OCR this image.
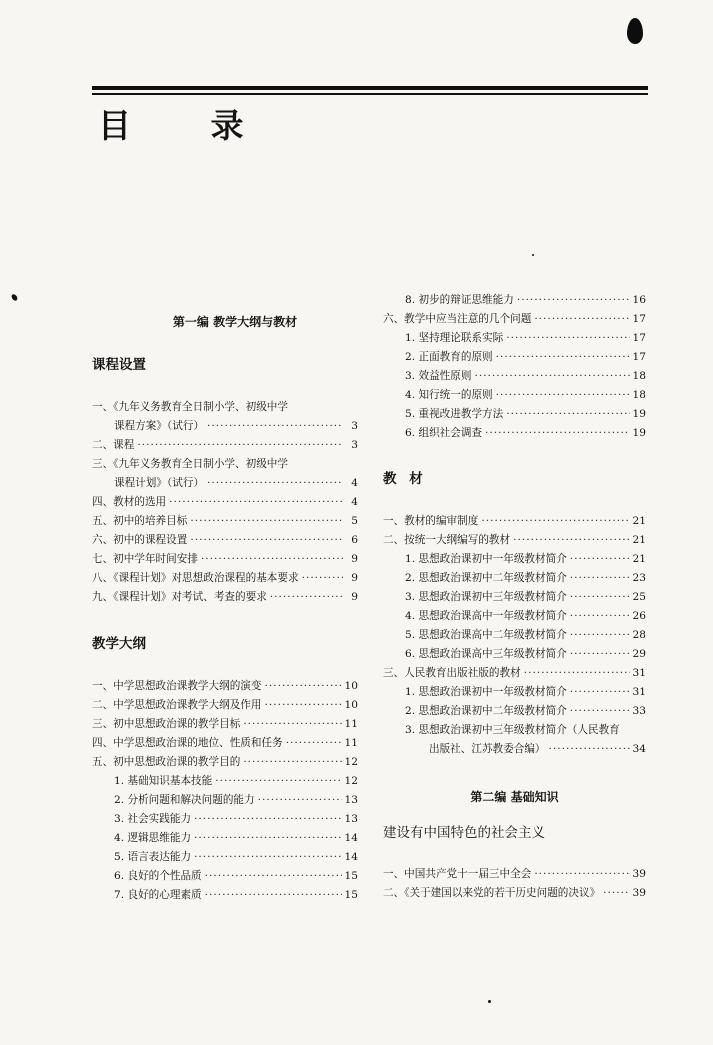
目 录
第一编 教学大纲与教材
课程设置
一、《九年义务教育全日制小学、初级中学
课程方案》（试行） ·····	3
二、课程 ·····	3
三、《九年义务教育全日制小学、初级中学
课程计划》（试行） ·····	4
四、教材的选用 ·····	4
五、初中的培养目标 ·····	5
六、初中的课程设置 ·····	6
七、初中学年时间安排 ·····	9
八、《课程计划》对思想政治课程的基本要求 ·····	9
九、《课程计划》对考试、考查的要求 ·····	9
教学大纲
一、中学思想政治课教学大纲的演变 ·····	10
二、中学思想政治课教学大纲及作用 ·····	10
三、初中思想政治课的教学目标 ·····	11
四、中学思想政治课的地位、性质和任务 ·····	11
五、初中思想政治课的教学目的 ·····	12
1. 基础知识基本技能 ·····	12
2. 分析问题和解决问题的能力 ·····	13
3. 社会实践能力 ·····	13
4. 逻辑思维能力 ·····	14
5. 语言表达能力 ·····	14
6. 良好的个性品质 ·····	15
7. 良好的心理素质 ·····	15
8. 初步的辩证思维能力 ·····	16
六、教学中应当注意的几个问题 ·····	17
1. 坚持理论联系实际 ·····	17
2. 正面教育的原则 ·····	17
3. 效益性原则 ·····	18
4. 知行统一的原则 ·····	18
5. 重视改进教学方法 ·····	19
6. 组织社会调查 ·····	19
教 材
一、教材的编审制度 ·····	21
二、按统一大纲编写的教材 ·····	21
1. 思想政治课初中一年级教材简介 ·····	21
2. 思想政治课初中二年级教材简介 ·····	23
3. 思想政治课初中三年级教材简介 ·····	25
4. 思想政治课高中一年级教材简介 ·····	26
5. 思想政治课高中二年级教材简介 ·····	28
6. 思想政治课高中三年级教材简介 ·····	29
三、人民教育出版社版的教材 ·····	31
1. 思想政治课初中一年级教材简介 ·····	31
2. 思想政治课初中二年级教材简介 ·····	33
3. 思想政治课初中三年级教材简介（人民教育
出版社、江苏教委合编） ·····	34
第二编 基础知识
建设有中国特色的社会主义
一、中国共产党十一届三中全会 ·····	39
二、《关于建国以来党的若干历史问题的决议》 ·····	39
